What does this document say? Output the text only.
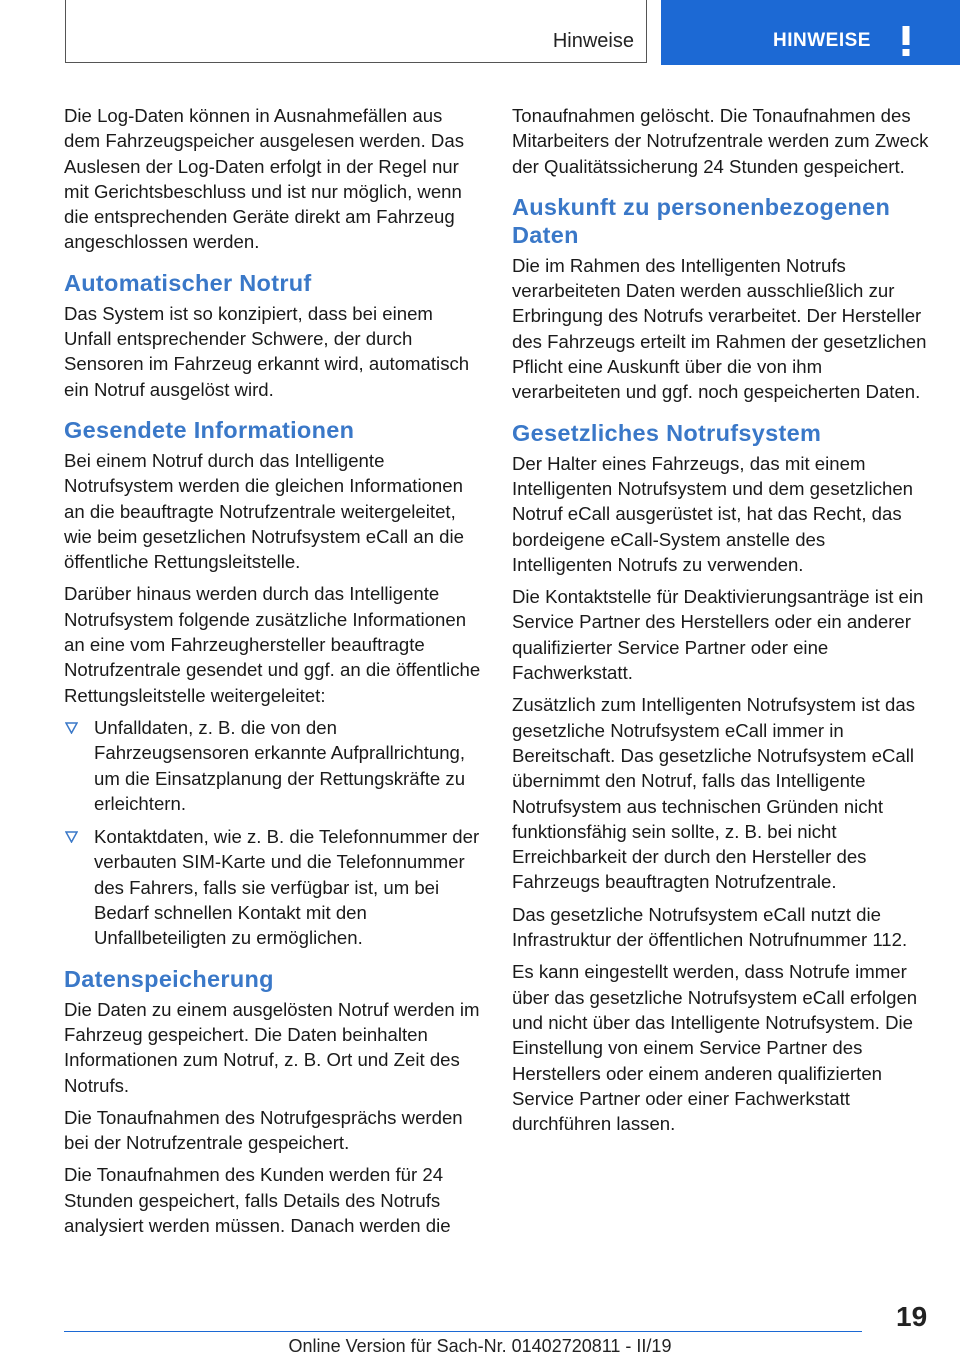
Hinweise	HINWEISE

Die Log-Daten können in Ausnahmefällen aus dem Fahrzeugspeicher ausgelesen werden. Das Auslesen der Log-Daten erfolgt in der Regel nur mit Gerichtsbeschluss und ist nur möglich, wenn die entsprechenden Geräte direkt am Fahrzeug angeschlossen werden.

Automatischer Notruf

Das System ist so konzipiert, dass bei einem Unfall entsprechender Schwere, der durch Sensoren im Fahrzeug erkannt wird, automatisch ein Notruf ausgelöst wird.

Gesendete Informationen

Bei einem Notruf durch das Intelligente Notrufsystem werden die gleichen Informationen an die beauftragte Notrufzentrale weitergeleitet, wie beim gesetzlichen Notrufsystem eCall an die öffentliche Rettungsleitstelle.

Darüber hinaus werden durch das Intelligente Notrufsystem folgende zusätzliche Informationen an eine vom Fahrzeughersteller beauftragte Notrufzentrale gesendet und ggf. an die öffentliche Rettungsleitstelle weitergeleitet:

Unfalldaten, z. B. die von den Fahrzeugsensoren erkannte Aufprallrichtung, um die Einsatzplanung der Rettungskräfte zu erleichtern.
Kontaktdaten, wie z. B. die Telefonnummer der verbauten SIM-Karte und die Telefonnummer des Fahrers, falls sie verfügbar ist, um bei Bedarf schnellen Kontakt mit den Unfallbeteiligten zu ermöglichen.
Datenspeicherung

Die Daten zu einem ausgelösten Notruf werden im Fahrzeug gespeichert. Die Daten beinhalten Informationen zum Notruf, z. B. Ort und Zeit des Notrufs.

Die Tonaufnahmen des Notrufgesprächs werden bei der Notrufzentrale gespeichert.

Die Tonaufnahmen des Kunden werden für 24 Stunden gespeichert, falls Details des Notrufs analysiert werden müssen. Danach werden die

Tonaufnahmen gelöscht. Die Tonaufnahmen des Mitarbeiters der Notrufzentrale werden zum Zweck der Qualitätssicherung 24 Stunden gespeichert.

Auskunft zu personenbezogenen Daten

Die im Rahmen des Intelligenten Notrufs verarbeiteten Daten werden ausschließlich zur Erbringung des Notrufs verarbeitet. Der Hersteller des Fahrzeugs erteilt im Rahmen der gesetzlichen Pflicht eine Auskunft über die von ihm verarbeiteten und ggf. noch gespeicherten Daten.

Gesetzliches Notrufsystem

Der Halter eines Fahrzeugs, das mit einem Intelligenten Notrufsystem und dem gesetzlichen Notruf eCall ausgerüstet ist, hat das Recht, das bordeigene eCall-System anstelle des Intelligenten Notrufs zu verwenden.

Die Kontaktstelle für Deaktivierungsanträge ist ein Service Partner des Herstellers oder ein anderer qualifizierter Service Partner oder eine Fachwerkstatt.

Zusätzlich zum Intelligenten Notrufsystem ist das gesetzliche Notrufsystem eCall immer in Bereitschaft. Das gesetzliche Notrufsystem eCall übernimmt den Notruf, falls das Intelligente Notrufsystem aus technischen Gründen nicht funktionsfähig sein sollte, z. B. bei nicht Erreichbarkeit der durch den Hersteller des Fahrzeugs beauftragten Notrufzentrale.

Das gesetzliche Notrufsystem eCall nutzt die Infrastruktur der öffentlichen Notrufnummer 112.

Es kann eingestellt werden, dass Notrufe immer über das gesetzliche Notrufsystem eCall erfolgen und nicht über das Intelligente Notrufsystem. Die Einstellung von einem Service Partner des Herstellers oder einem anderen qualifizierten Service Partner oder einer Fachwerkstatt durchführen lassen.

19
Online Version für Sach-Nr. 01402720811 - II/19
